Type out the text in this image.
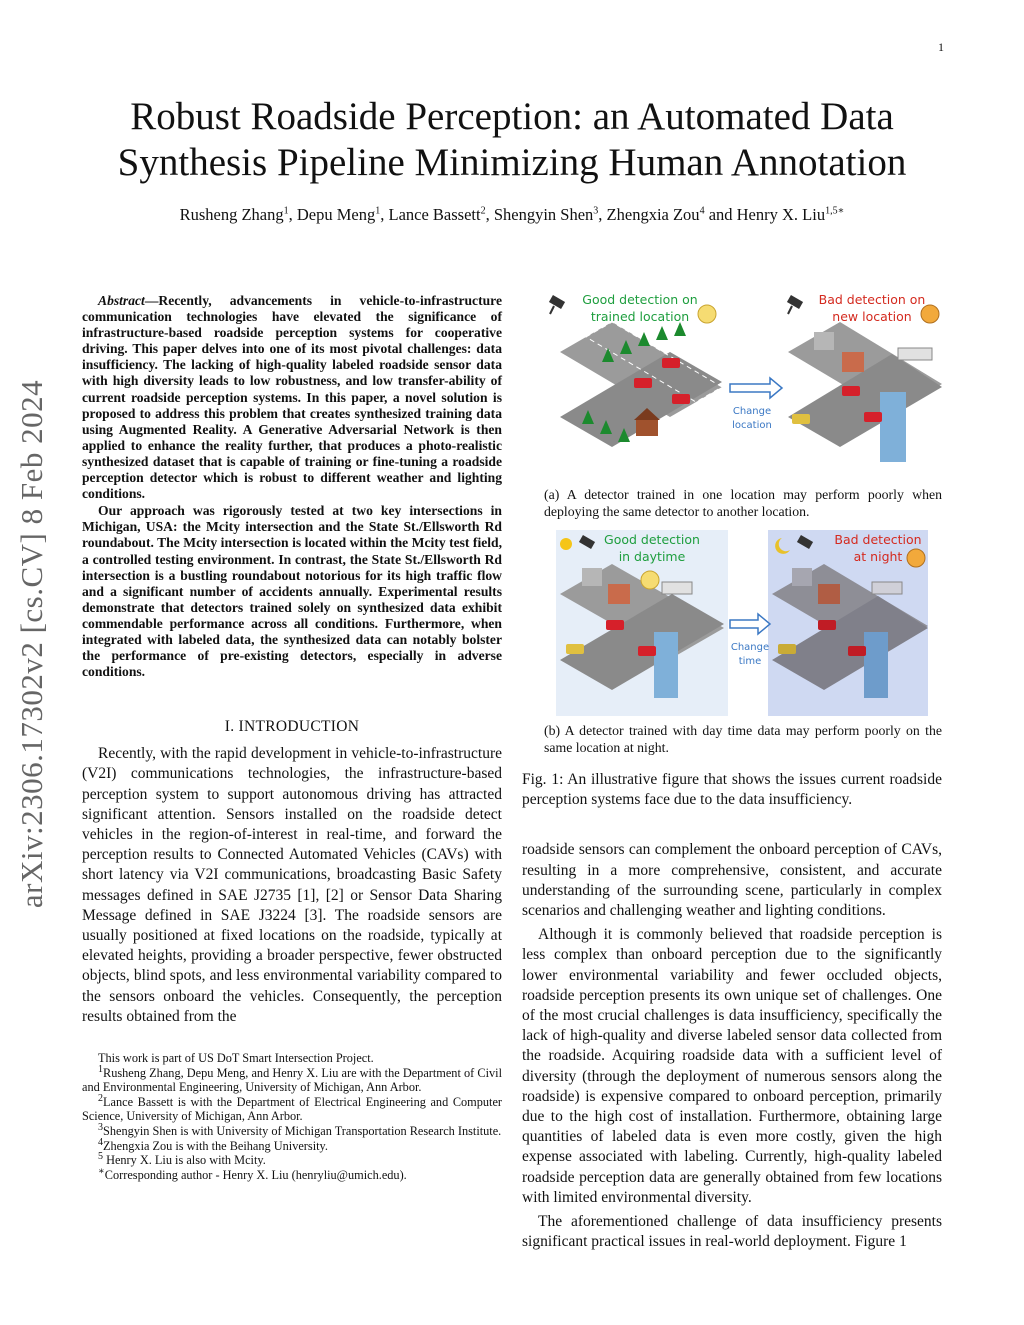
1
arXiv:2306.17302v2 [cs.CV] 8 Feb 2024
Robust Roadside Perception: an Automated Data
Synthesis Pipeline Minimizing Human Annotation
Rusheng Zhang$^1$, Depu Meng$^1$, Lance Bassett$^2$, Shengyin Shen$^3$, Zhengxia Zou$^4$ and Henry X. Liu$^{1,5∗}$

Abstract—Recently, advancements in vehicle-to-infrastructure communication technologies have elevated the significance of infrastructure-based roadside perception systems for cooperative driving. This paper delves into one of its most pivotal challenges: data insufficiency. The lacking of high-quality labeled roadside sensor data with high diversity leads to low robustness, and low transfer-ability of current roadside perception systems. In this paper, a novel solution is proposed to address this problem that creates synthesized training data using Augmented Reality. A Generative Adversarial Network is then applied to enhance the reality further, that produces a photo-realistic synthesized dataset that is capable of training or fine-tuning a roadside perception detector which is robust to different weather and lighting conditions.

Our approach was rigorously tested at two key intersections in Michigan, USA: the Mcity intersection and the State St./Ellsworth Rd roundabout. The Mcity intersection is located within the Mcity test field, a controlled testing environment. In contrast, the State St./Ellsworth Rd intersection is a bustling roundabout notorious for its high traffic flow and a significant number of accidents annually. Experimental results demonstrate that detectors trained solely on synthesized data exhibit commendable performance across all conditions. Furthermore, when integrated with labeled data, the synthesized data can notably bolster the performance of pre-existing detectors, especially in adverse conditions.

I. INTRODUCTION

Recently, with the rapid development in vehicle-to-infrastructure (V2I) communications technologies, the infrastructure-based perception system to support autonomous driving has attracted significant attention. Sensors installed on the roadside detect vehicles in the region-of-interest in real-time, and forward the perception results to Connected Automated Vehicles (CAVs) with short latency via V2I communications, broadcasting Basic Safety messages defined in SAE J2735 [1], [2] or Sensor Data Sharing Message defined in SAE J3224 [3]. The roadside sensors are usually positioned at fixed locations on the roadside, typically at elevated heights, providing a broader perspective, fewer obstructed objects, blind spots, and less environmental variability compared to the sensors onboard the vehicles. Consequently, the perception results obtained from the

This work is part of US DoT Smart Intersection Project.

$^1$Rusheng Zhang, Depu Meng, and Henry X. Liu are with the Department of Civil and Environmental Engineering, University of Michigan, Ann Arbor.

$^2$Lance Bassett is with the Department of Electrical Engineering and Computer Science, University of Michigan, Ann Arbor.

$^3$Shengyin Shen is with University of Michigan Transportation Research Institute.

$^4$Zhengxia Zou is with the Beihang University.

$^5$ Henry X. Liu is also with Mcity.

∗Corresponding author - Henry X. Liu (henryliu@umich.edu).

Good detection on
trained location
Change
location
Bad detection on
new location

(a) A detector trained in one location may perform poorly when deploying the same detector to another location.

Good detection
in daytime
Change
time
Bad detection
at night

(b) A detector trained with day time data may perform poorly on the same location at night.

Fig. 1: An illustrative figure that shows the issues current roadside perception systems face due to the data insufficiency.

roadside sensors can complement the onboard perception of CAVs, resulting in a more comprehensive, consistent, and accurate understanding of the surrounding scene, particularly in complex scenarios and challenging weather and lighting conditions.

Although it is commonly believed that roadside perception is less complex than onboard perception due to the significantly lower environmental variability and fewer occluded objects, roadside perception presents its own unique set of challenges. One of the most crucial challenges is data insufficiency, specifically the lack of high-quality and diverse labeled sensor data collected from the roadside. Acquiring roadside data with a sufficient level of diversity (through the deployment of numerous sensors along the roadside) is expensive compared to onboard perception, primarily due to the high cost of installation. Furthermore, obtaining large quantities of labeled data is even more costly, given the high expense associated with labeling. Currently, high-quality labeled roadside perception data are generally obtained from few locations with limited environmental diversity.

The aforementioned challenge of data insufficiency presents significant practical issues in real-world deployment. Figure 1
